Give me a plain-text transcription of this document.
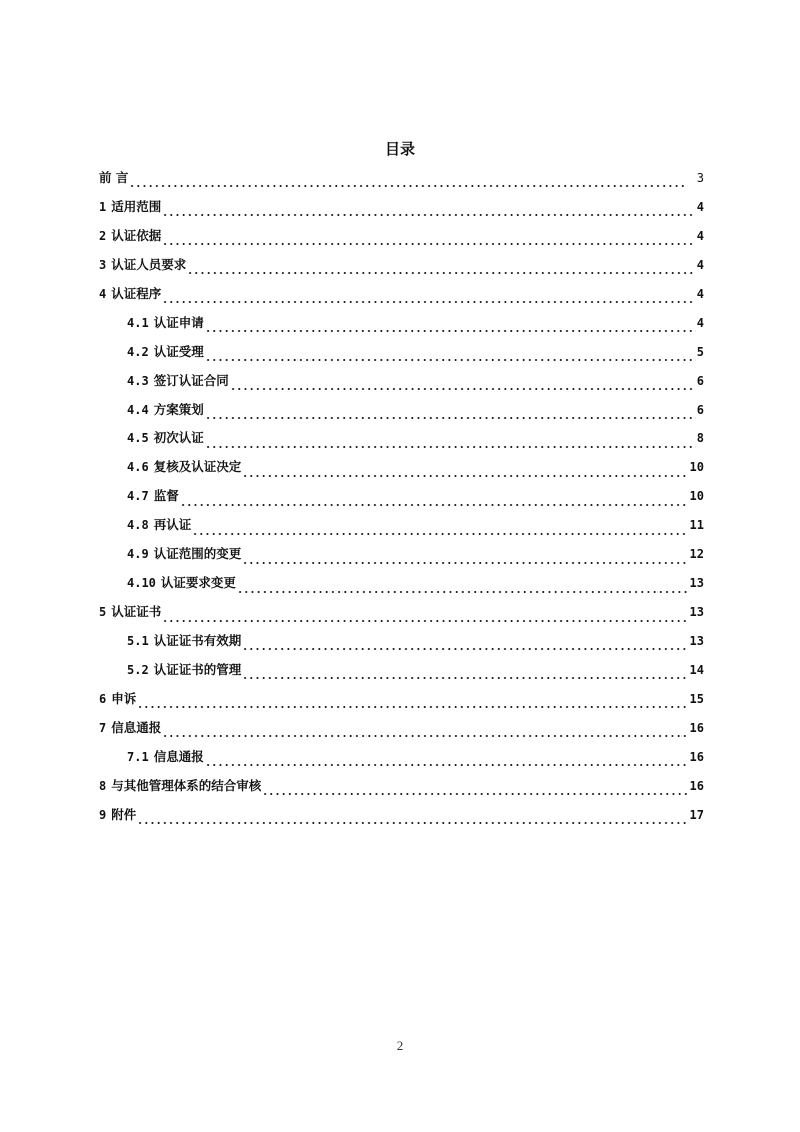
目录
前 言	3
1 适用范围	4
2 认证依据	4
3 认证人员要求	4
4 认证程序	4
4.1 认证申请	4
4.2 认证受理	5
4.3 签订认证合同	6
4.4 方案策划	6
4.5 初次认证	8
4.6 复核及认证决定	10
4.7 监督	10
4.8 再认证	11
4.9 认证范围的变更	12
4.10 认证要求变更	13
5 认证证书	13
5.1 认证证书有效期	13
5.2 认证证书的管理	14
6 申诉	15
7 信息通报	16
7.1 信息通报	16
8 与其他管理体系的结合审核	16
9 附件	17
2
